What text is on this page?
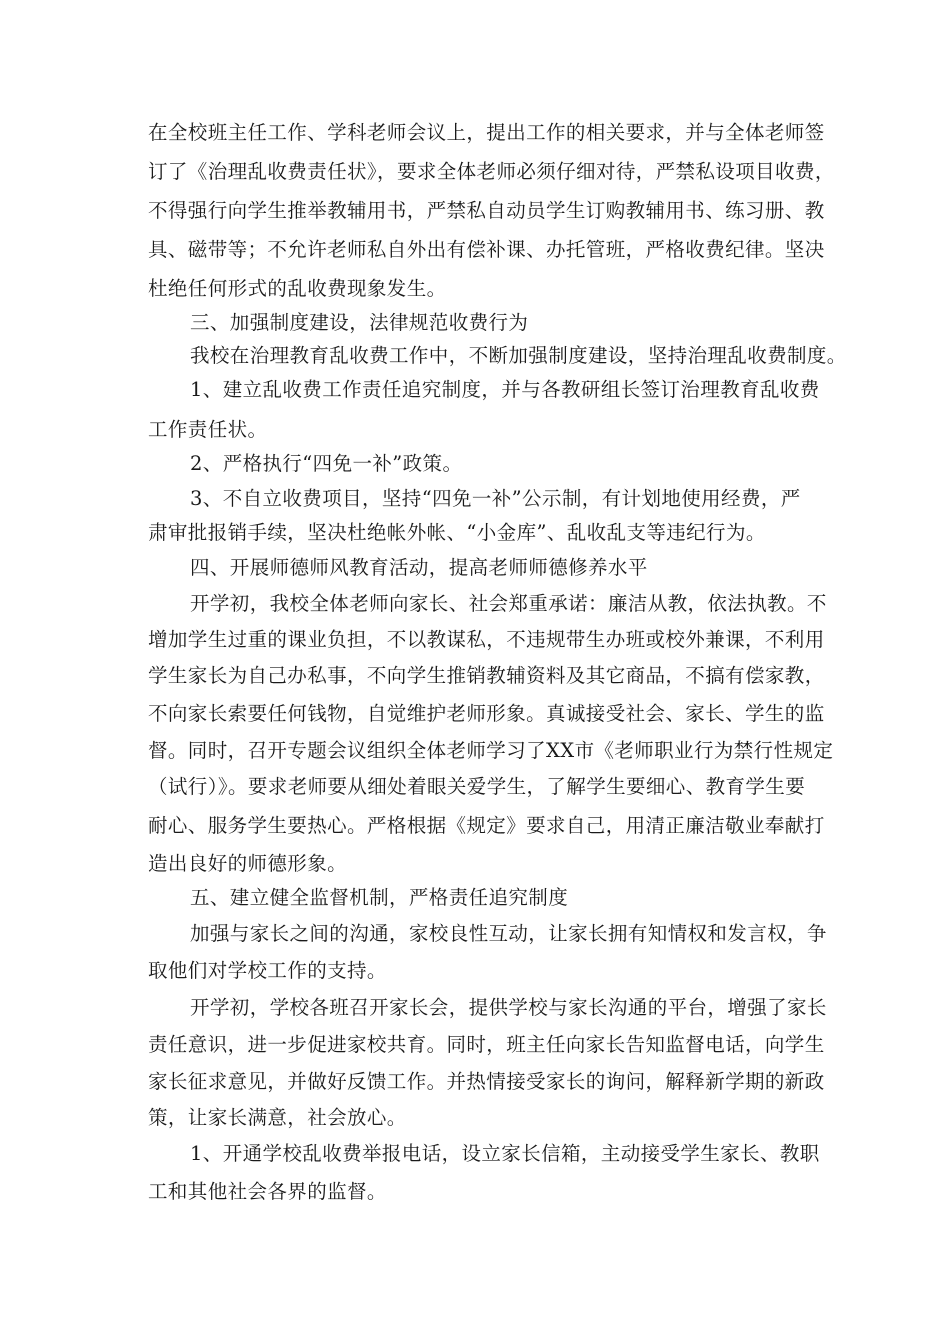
在全校班主任工作、学科老师会议上，提出工作的相关要求，并与全体老师签
订了《治理乱收费责任状》，要求全体老师必须仔细对待，严禁私设项目收费，
不得强行向学生推举教辅用书，严禁私自动员学生订购教辅用书、练习册、教
具、磁带等；不允许老师私自外出有偿补课、办托管班，严格收费纪律。坚决
杜绝任何形式的乱收费现象发生。
三、加强制度建设，法律规范收费行为
我校在治理教育乱收费工作中，不断加强制度建设，坚持治理乱收费制度。
1、建立乱收费工作责任追究制度，并与各教研组长签订治理教育乱收费
工作责任状。
2、严格执行“四免一补”政策。
3、不自立收费项目，坚持“四免一补”公示制，有计划地使用经费，严
肃审批报销手续，坚决杜绝帐外帐、“小金库”、乱收乱支等违纪行为。
四、开展师德师风教育活动，提高老师师德修养水平
开学初，我校全体老师向家长、社会郑重承诺：廉洁从教，依法执教。不
增加学生过重的课业负担，不以教谋私，不违规带生办班或校外兼课，不利用
学生家长为自己办私事，不向学生推销教辅资料及其它商品，不搞有偿家教，
不向家长索要任何钱物，自觉维护老师形象。真诚接受社会、家长、学生的监
督。同时，召开专题会议组织全体老师学习了XX市《老师职业行为禁行性规定
（试行）》。要求老师要从细处着眼关爱学生，了解学生要细心、教育学生要
耐心、服务学生要热心。严格根据《规定》要求自己，用清正廉洁敬业奉献打
造出良好的师德形象。
五、建立健全监督机制，严格责任追究制度
加强与家长之间的沟通，家校良性互动，让家长拥有知情权和发言权，争
取他们对学校工作的支持。
开学初，学校各班召开家长会，提供学校与家长沟通的平台，增强了家长
责任意识，进一步促进家校共育。同时，班主任向家长告知监督电话，向学生
家长征求意见，并做好反馈工作。并热情接受家长的询问，解释新学期的新政
策，让家长满意，社会放心。
1、开通学校乱收费举报电话，设立家长信箱，主动接受学生家长、教职
工和其他社会各界的监督。
